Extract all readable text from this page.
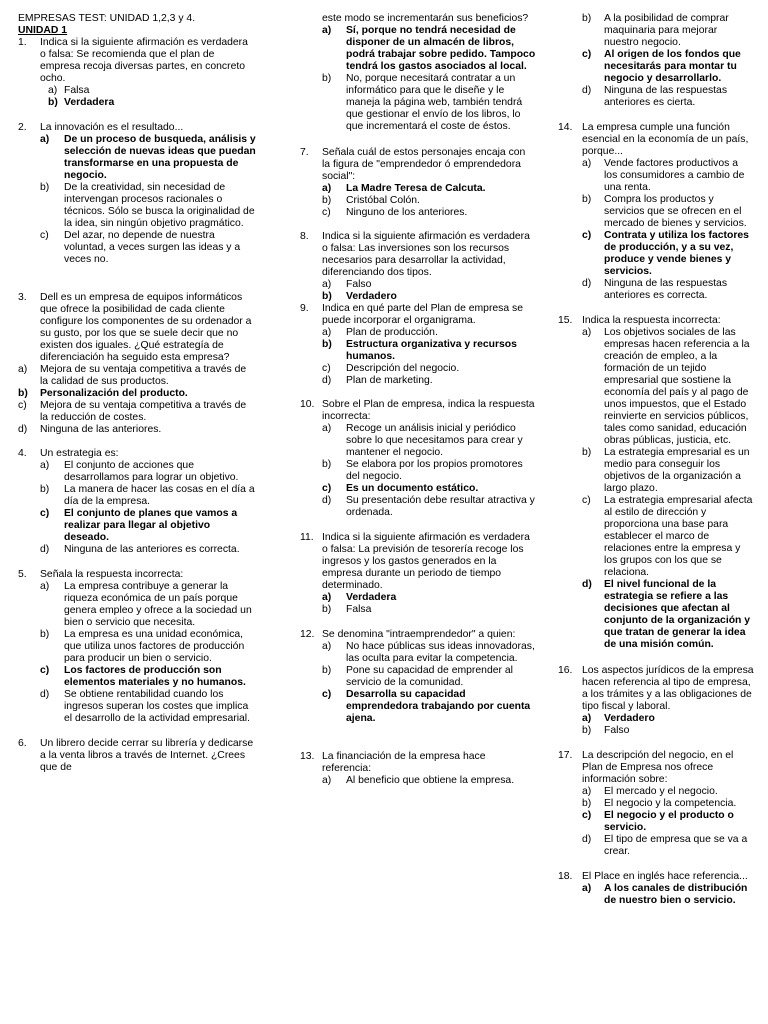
EMPRESAS TEST: UNIDAD 1,2,3 y 4.
UNIDAD 1
1.	Indica si la siguiente afirmación es verdadera o falsa: Se recomienda que el plan de empresa recoja diversas partes, en concreto ocho.
a) Falsa
b) Verdadera
2.	La innovación es el resultado...
a)	De un proceso de busqueda, análisis y selección de nuevas ideas que puedan transformarse en una propuesta de negocio.
b)	De la creatividad, sin necesidad de intervengan procesos racionales o técnicos. Sólo se busca la originalidad de la idea, sin ningún objetivo pragmático.
c)	Del azar, no depende de nuestra voluntad, a veces surgen las ideas y a veces no.
3.	Dell es un empresa de equipos informáticos que ofrece la posibilidad de cada cliente configure los componentes de su ordenador a su gusto, por los que se suele decir que no existen dos iguales. ¿Qué estrategía de diferenciación ha seguido esta empresa?
a)	Mejora de su ventaja competitiva a través de la calidad de sus productos.
b)	Personalización del producto.
c)	Mejora de su ventaja competitiva a través de la reducción de costes.
d)	Ninguna de las anteriores.
4.	Un estrategia es:
a)	El conjunto de acciones que desarrollamos para lograr un objetivo.
b)	La manera de hacer las cosas en el día a día de la empresa.
c)	El conjunto de planes que vamos a realizar para llegar al objetivo deseado.
d)	Ninguna de las anteriores es correcta.
5.	Señala la respuesta incorrecta:
a)	La empresa contribuye a generar la riqueza económica de un país porque genera empleo y ofrece a la sociedad un bien o servicio que necesita.
b)	La empresa es una unidad económica, que utiliza unos factores de producción para producir un bien o servicio.
c)	Los factores de producción son elementos materiales y no humanos.
d)	Se obtiene rentabilidad cuando los ingresos superan los costes que implica el desarrollo de la actividad empresarial.
6.	Un librero decide cerrar su librería y dedicarse a la venta libros a través de Internet. ¿Crees que de
este modo se incrementarán sus beneficios?
a)	Sí, porque no tendrá necesidad de disponer de un almacén de libros, podrá trabajar sobre pedido. Tampoco tendrá los gastos asociados al local.
b)	No, porque necesitará contratar a un informático para que le diseñe y le maneja la página web, también tendrá que gestionar el envío de los libros, lo que incrementará el coste de éstos.
7.	Señala cuál de estos personajes encaja con la figura de "emprendedor ó emprendedora social":
a)	La Madre Teresa de Calcuta.
b)	Cristóbal Colón.
c)	Ninguno de los anteriores.
8.	Indica si la siguiente afirmación es verdadera o falsa: Las inversiones son los recursos necesarios para desarrollar la actividad, diferenciando dos tipos.
a)	Falso
b)	Verdadero
9.	Indica en qué parte del Plan de empresa se puede incorporar el organigrama.
a)	Plan de producción.
b)	Estructura organizativa y recursos humanos.
c)	Descripción del negocio.
d)	Plan de marketing.
10. Sobre el Plan de empresa, indica la respuesta incorrecta:
a)	Recoge un análisis inicial y periódico sobre lo que necesitamos para crear y mantener el negocio.
b)	Se elabora por los propios promotores del negocio.
c)	Es un documento estático.
d)	Su presentación debe resultar atractiva y ordenada.
11. Indica si la siguiente afirmación es verdadera o falsa: La previsión de tesorería recoge los ingresos y los gastos generados en la empresa durante un periodo de tiempo determinado.
a)	Verdadera
b)	Falsa
12. Se denomina "intraemprendedor" a quien:
a)	No hace públicas sus ideas innovadoras, las oculta para evitar la competencia.
b)	Pone su capacidad de emprender al servicio de la comunidad.
c)	Desarrolla su capacidad emprendedora trabajando por cuenta ajena.
13. La financiación de la empresa hace referencia:
a)	Al beneficio que obtiene la empresa.
b)	A la posibilidad de comprar maquinaria para mejorar nuestro negocio.
c)	Al origen de los fondos que necesitarás para montar tu negocio y desarrollarlo.
d)	Ninguna de las respuestas anteriores es cierta.
14. La empresa cumple una función esencial en la economía de un país, porque...
a)	Vende factores productivos a los consumidores a cambio de una renta.
b)	Compra los productos y servicios que se ofrecen en el mercado de bienes y servicios.
c)	Contrata y utiliza los factores de producción, y a su vez, produce y vende bienes y servicios.
d)	Ninguna de las respuestas anteriores es correcta.
15. Indica la respuesta incorrecta:
a)	Los objetivos sociales de las empresas hacen referencia a la creación de empleo, a la formación de un tejido empresarial que sostiene la economía del país y al pago de unos impuestos, que el Estado reinvierte en servicios públicos, tales como sanidad, educación obras públicas, justicia, etc.
b)	La estrategia empresarial es un medio para conseguir los objetivos de la organización a largo plazo.
c)	La estrategia empresarial afecta al estilo de dirección y proporciona una base para establecer el marco de relaciones entre la empresa y los grupos con los que se relaciona.
d)	El nivel funcional de la estrategia se refiere a las decisiones que afectan al conjunto de la organización y que tratan de generar la idea de una misión común.
16. Los aspectos jurídicos de la empresa hacen referencia al tipo de empresa, a los trámites y a las obligaciones de tipo fiscal y laboral.
a)	Verdadero
b)	Falso
17. La descripción del negocio, en el Plan de Empresa nos ofrece información sobre:
a)	El mercado y el negocio.
b)	El negocio y la competencia.
c)	El negocio y el producto o servicio.
d)	El tipo de empresa que se va a crear.
18. El Place en inglés hace referencia...
a)	A los canales de distribución de nuestro bien o servicio.
